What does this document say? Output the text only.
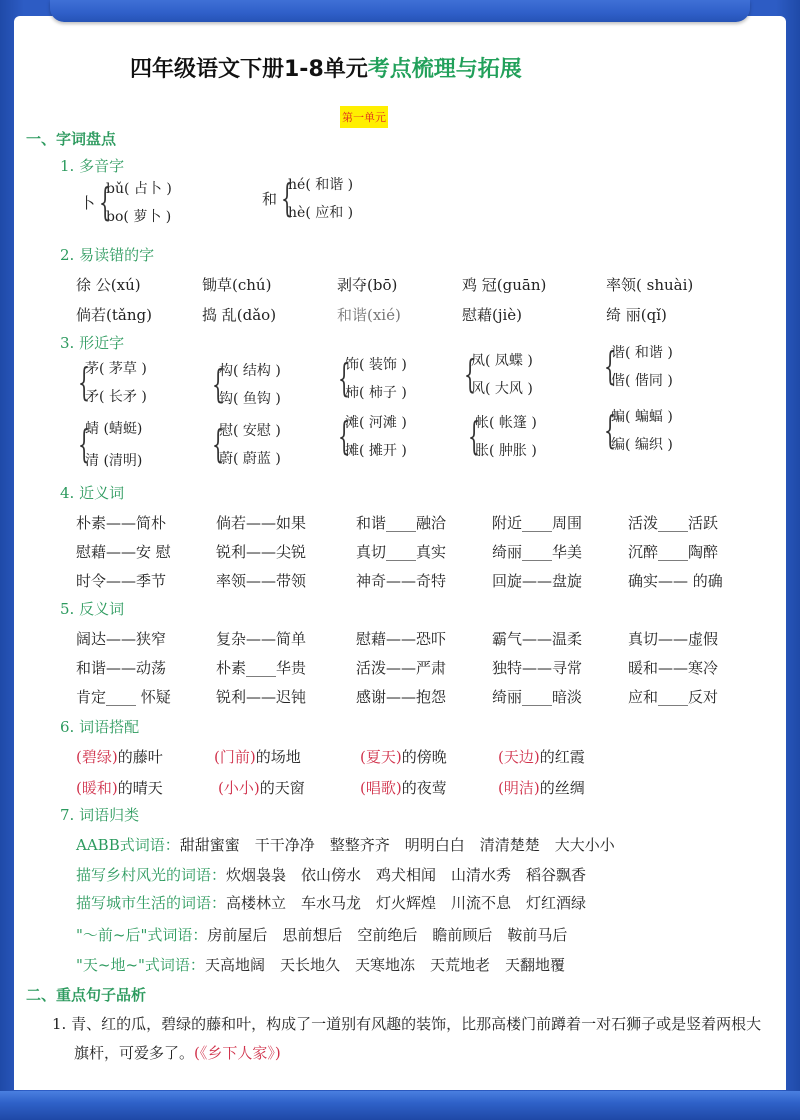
四年级语文下册1-8单元考点梳理与拓展
第一单元
一、字词盘点
1. 多音字
卜 {
bǔ( 占卜 )
bo( 萝卜 )
和 {
hé( 和谐 )
hè( 应和 )
2. 易读错的字
徐 公(xú)	锄草(chú)	剥夺(bō)	鸡 冠(guān)	率领( shuài)
倘若(tǎng)	捣 乱(dǎo)	和谐(xié)	慰藉(jiè)	绮 丽(qǐ)
3. 形近字
{
茅( 茅草 )
矛( 长矛 ) {
构( 结构 )
钩( 鱼钩 ) {
饰( 装饰 )
柿( 柿子 ) {
凤( 凤蝶 )
风( 大风 )
{
谐( 和谐 )
偕( 偕同 )
{
蜻 (蜻蜓)
清 (清明) {
慰( 安慰 )
蔚( 蔚蓝 )
{
滩( 河滩 )
摊( 摊开 ) {
帐( 帐篷 )
胀( 肿胀 ) {
蝙( 蝙蝠 )
编( 编织 )
4. 近义词
朴素——简朴	倘若——如果	和谐____融洽	附近____周围	活泼____活跃
慰藉——安 慰	锐利——尖锐	真切____真实	绮丽____华美	沉醉____陶醉
时令——季节	率领——带领	神奇——奇特	回旋——盘旋	确实—— 的确
5. 反义词
阔达——狭窄	复杂——简单	慰藉——恐吓	霸气——温柔	真切——虚假
和谐——动荡	朴素____华贵	活泼——严肃	独特——寻常	暖和——寒冷
肯定____ 怀疑	锐利——迟钝	感谢——抱怨	绮丽____暗淡	应和____反对
6. 词语搭配
(碧绿)的藤叶	(门前)的场地	(夏天)的傍晚	(天边)的红霞
(暖和)的晴天	(小小)的天窗	(唱歌)的夜莺	(明洁)的丝绸
7. 词语归类
AABB式词语：甜甜蜜蜜　干干净净　整整齐齐　明明白白　清清楚楚　大大小小
描写乡村风光的词语：炊烟袅袅　依山傍水　鸡犬相闻　山清水秀　稻谷飘香
描写城市生活的词语：高楼林立　车水马龙　灯火辉煌　川流不息　灯红酒绿
"～前~后"式词语：房前屋后　思前想后　空前绝后　瞻前顾后　鞍前马后
"天~地~"式词语：天高地阔　天长地久　天寒地冻　天荒地老　天翻地覆
二、重点句子品析
1. 青、红的瓜，碧绿的藤和叶，构成了一道别有风趣的装饰，比那高楼门前蹲着一对石狮子或是竖着两根大旗杆，可爱多了。(《乡下人家》)
